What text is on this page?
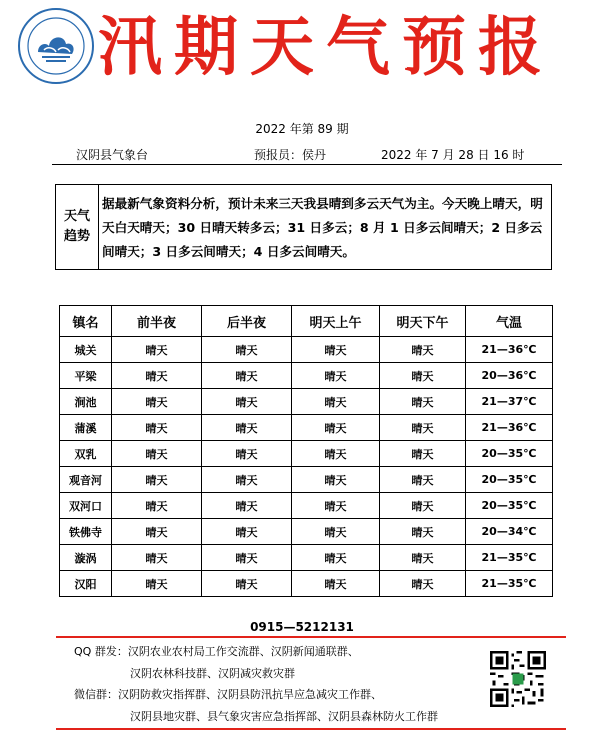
汛期天气预报
2022 年第 89 期
汉阴县气象台	预报员：侯丹	2022 年 7 月 28 日 16 时
天气
趋势
据最新气象资料分析，预计未来三天我县晴到多云天气为主。今天晚上晴天，明天白天晴天；30 日晴天转多云；31 日多云；8 月 1 日多云间晴天；2 日多云间晴天；3 日多云间晴天；4 日多云间晴天。
镇名	前半夜	后半夜	明天上午	明天下午	气温
城关	晴天	晴天	晴天	晴天	21—36℃
平梁	晴天	晴天	晴天	晴天	20—36℃
涧池	晴天	晴天	晴天	晴天	21—37℃
蒲溪	晴天	晴天	晴天	晴天	21—36℃
双乳	晴天	晴天	晴天	晴天	20—35℃
观音河	晴天	晴天	晴天	晴天	20—35℃
双河口	晴天	晴天	晴天	晴天	20—35℃
铁佛寺	晴天	晴天	晴天	晴天	20—34℃
漩涡	晴天	晴天	晴天	晴天	21—35℃
汉阳	晴天	晴天	晴天	晴天	21—35℃
0915—5212131
QQ 群发：汉阴农业农村局工作交流群、汉阴新闻通联群、
汉阴农林科技群、汉阴减灾救灾群
微信群：汉阴防救灾指挥群、汉阴县防汛抗旱应急减灾工作群、
汉阴县地灾群、县气象灾害应急指挥部、汉阴县森林防火工作群
